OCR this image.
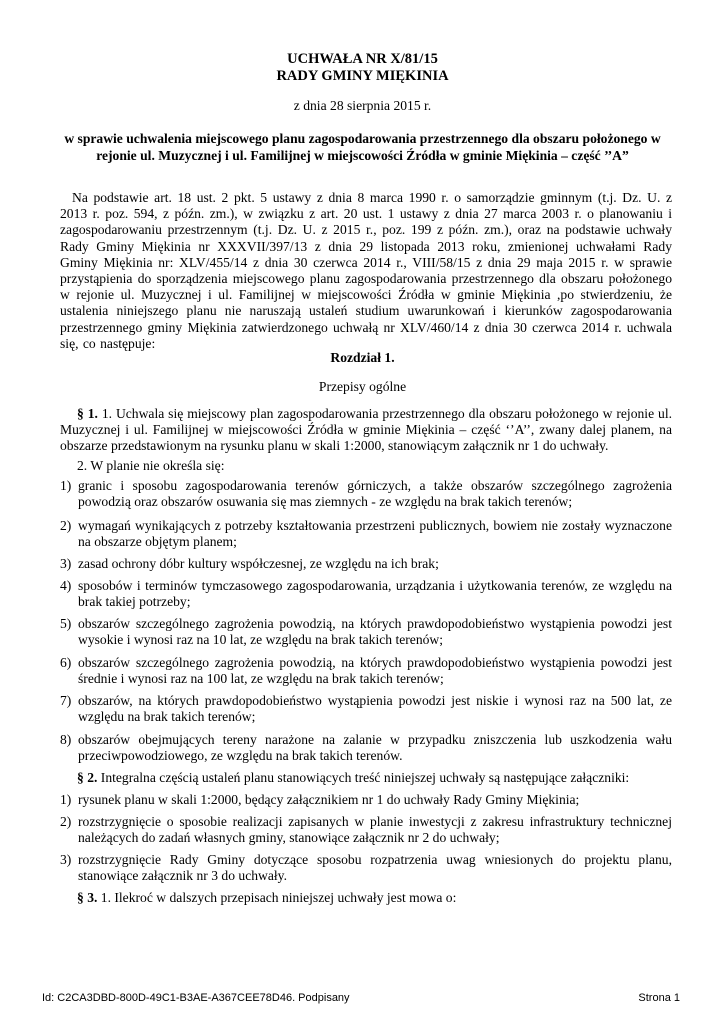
UCHWAŁA NR X/81/15
RADY GMINY MIĘKINIA
z dnia 28 sierpnia 2015 r.
w sprawie uchwalenia miejscowego planu zagospodarowania przestrzennego dla obszaru położonego w rejonie ul. Muzycznej i ul. Familijnej w miejscowości Źródła w gminie Miękinia – część ’’A”
Na podstawie art. 18 ust. 2 pkt. 5 ustawy z dnia 8 marca 1990 r. o samorządzie gminnym (t.j. Dz. U. z 2013 r. poz. 594, z późn. zm.), w związku z art. 20 ust. 1 ustawy z dnia 27 marca 2003 r. o planowaniu i zagospodarowaniu przestrzennym (t.j. Dz. U. z 2015 r., poz. 199 z późn. zm.), oraz na podstawie uchwały Rady Gminy Miękinia nr XXXVII/397/13 z dnia 29 listopada 2013 roku, zmienionej uchwałami Rady Gminy Miękinia nr: XLV/455/14 z dnia 30 czerwca 2014 r., VIII/58/15 z dnia 29 maja 2015 r. w sprawie przystąpienia do sporządzenia miejscowego planu zagospodarowania przestrzennego dla obszaru położonego w rejonie ul. Muzycznej i ul. Familijnej w miejscowości Źródła w gminie Miękinia ,po stwierdzeniu, że ustalenia niniejszego planu nie naruszają ustaleń studium uwarunkowań i kierunków zagospodarowania przestrzennego gminy Miękinia zatwierdzonego uchwałą nr XLV/460/14 z dnia 30 czerwca 2014 r. uchwala się, co następuje:
Rozdział 1.
Przepisy ogólne
§ 1. 1. Uchwala się miejscowy plan zagospodarowania przestrzennego dla obszaru położonego w rejonie ul. Muzycznej i ul. Familijnej w miejscowości Źródła w gminie Miękinia – część ‘’A’’, zwany dalej planem, na obszarze przedstawionym na rysunku planu w skali 1:2000, stanowiącym załącznik nr 1 do uchwały.
2. W planie nie określa się:
1) granic i sposobu zagospodarowania terenów górniczych, a także obszarów szczególnego zagrożenia powodzią oraz obszarów osuwania się mas ziemnych - ze względu na brak takich terenów;
2) wymagań wynikających z potrzeby kształtowania przestrzeni publicznych, bowiem nie zostały wyznaczone na obszarze objętym planem;
3) zasad ochrony dóbr kultury współczesnej, ze względu na ich brak;
4) sposobów i terminów tymczasowego zagospodarowania, urządzania i użytkowania terenów, ze względu na brak takiej potrzeby;
5) obszarów szczególnego zagrożenia powodzią, na których prawdopodobieństwo wystąpienia powodzi jest wysokie i wynosi raz na 10 lat, ze względu na brak takich terenów;
6) obszarów szczególnego zagrożenia powodzią, na których prawdopodobieństwo wystąpienia powodzi jest średnie i wynosi raz na 100 lat, ze względu na brak takich terenów;
7) obszarów, na których prawdopodobieństwo wystąpienia powodzi jest niskie i wynosi raz na 500 lat, ze względu na brak takich terenów;
8) obszarów obejmujących tereny narażone na zalanie w przypadku zniszczenia lub uszkodzenia wału przeciwpowodziowego, ze względu na brak takich terenów.
§ 2. Integralna częścią ustaleń planu stanowiących treść niniejszej uchwały są następujące załączniki:
1) rysunek planu w skali 1:2000, będący załącznikiem nr 1 do uchwały Rady Gminy Miękinia;
2) rozstrzygnięcie o sposobie realizacji zapisanych w planie inwestycji z zakresu infrastruktury technicznej należących do zadań własnych gminy, stanowiące załącznik nr 2 do uchwały;
3) rozstrzygnięcie Rady Gminy dotyczące sposobu rozpatrzenia uwag wniesionych do projektu planu, stanowiące załącznik nr 3 do uchwały.
§ 3. 1. Ilekroć w dalszych przepisach niniejszej uchwały jest mowa o:
Id: C2CA3DBD-800D-49C1-B3AE-A367CEE78D46. Podpisany	Strona 1
